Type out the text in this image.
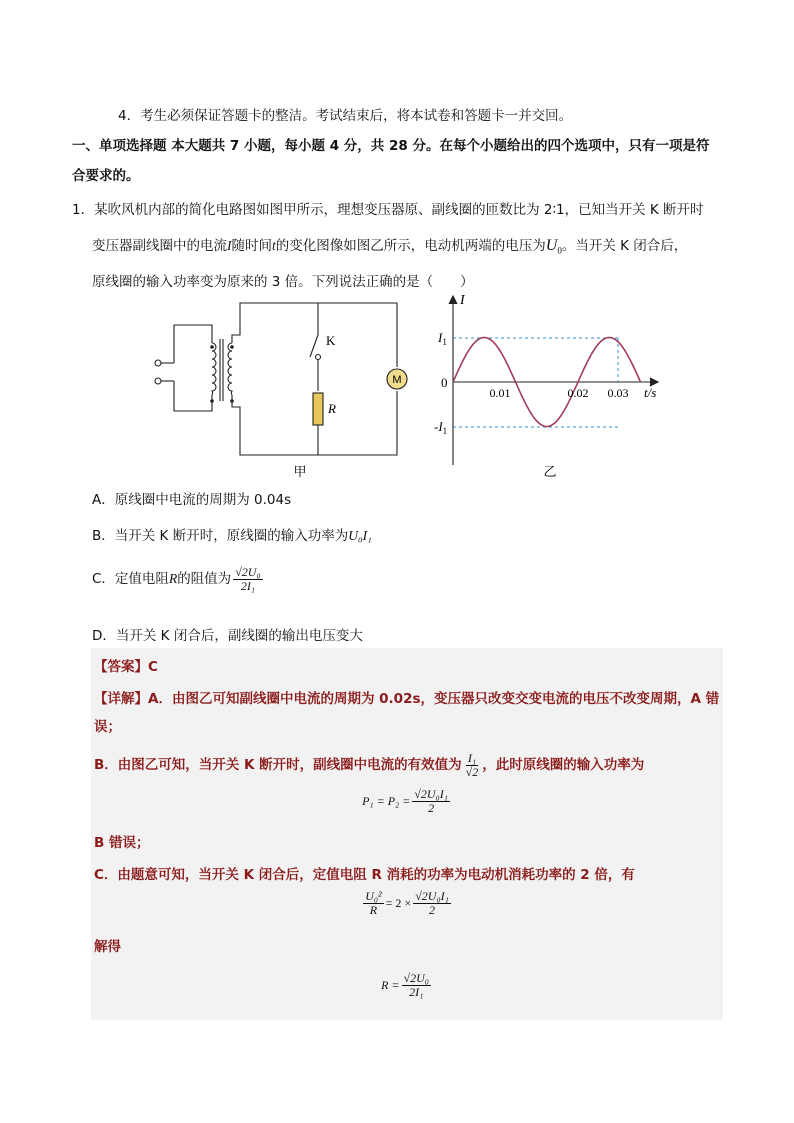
4．考生必须保证答题卡的整洁。考试结束后，将本试卷和答题卡一并交回。
一、单项选择题 本大题共 7 小题，每小题 4 分，共 28 分。在每个小题给出的四个选项中，只有一项是符
合要求的。
1．某吹风机内部的简化电路图如图甲所示，理想变压器原、副线圈的匝数比为 2∶1，已知当开关 K 断开时
变压器副线圈中的电流I随时间t的变化图像如图乙所示，电动机两端的电压为$U_0$。当开关 K 闭合后，
原线圈的输入功率变为原来的 3 倍。下列说法正确的是（　　）
K
R
M
甲
I
$I_1$
$-I_1$
0
0.01	0.02 0.03 t/s
乙
A．原线圈中电流的周期为 0.04s
B．当开关 K 断开时，原线圈的输入功率为U₀I₁
C．定值电阻R的阻值为 $\frac{\text{√2U₀}}{\text{2I₁}}$
D．当开关 K 闭合后，副线圈的输出电压变大
【答案】C
【详解】A．由图乙可知副线圈中电流的周期为 0.02s，变压器只改变交变电流的电压不改变周期，A 错
误；
B．由图乙可知，当开关 K 断开时，副线圈中电流的有效值为 $\frac{\text{I₁}}{√2}$ ，此时原线圈的输入功率为
$P_1 = P_2 = \frac{\text{√2U₀I₁}}{2}$
B 错误；
C．由题意可知，当开关 K 闭合后，定值电阻 R 消耗的功率为电动机消耗功率的 2 倍，有
$\frac{\text{U₀²}}{R} = 2 \times \frac{\text{√2U₀I₁}}{2}$
解得
$R = \frac{\text{√2U₀}}{\text{2I₁}}$
